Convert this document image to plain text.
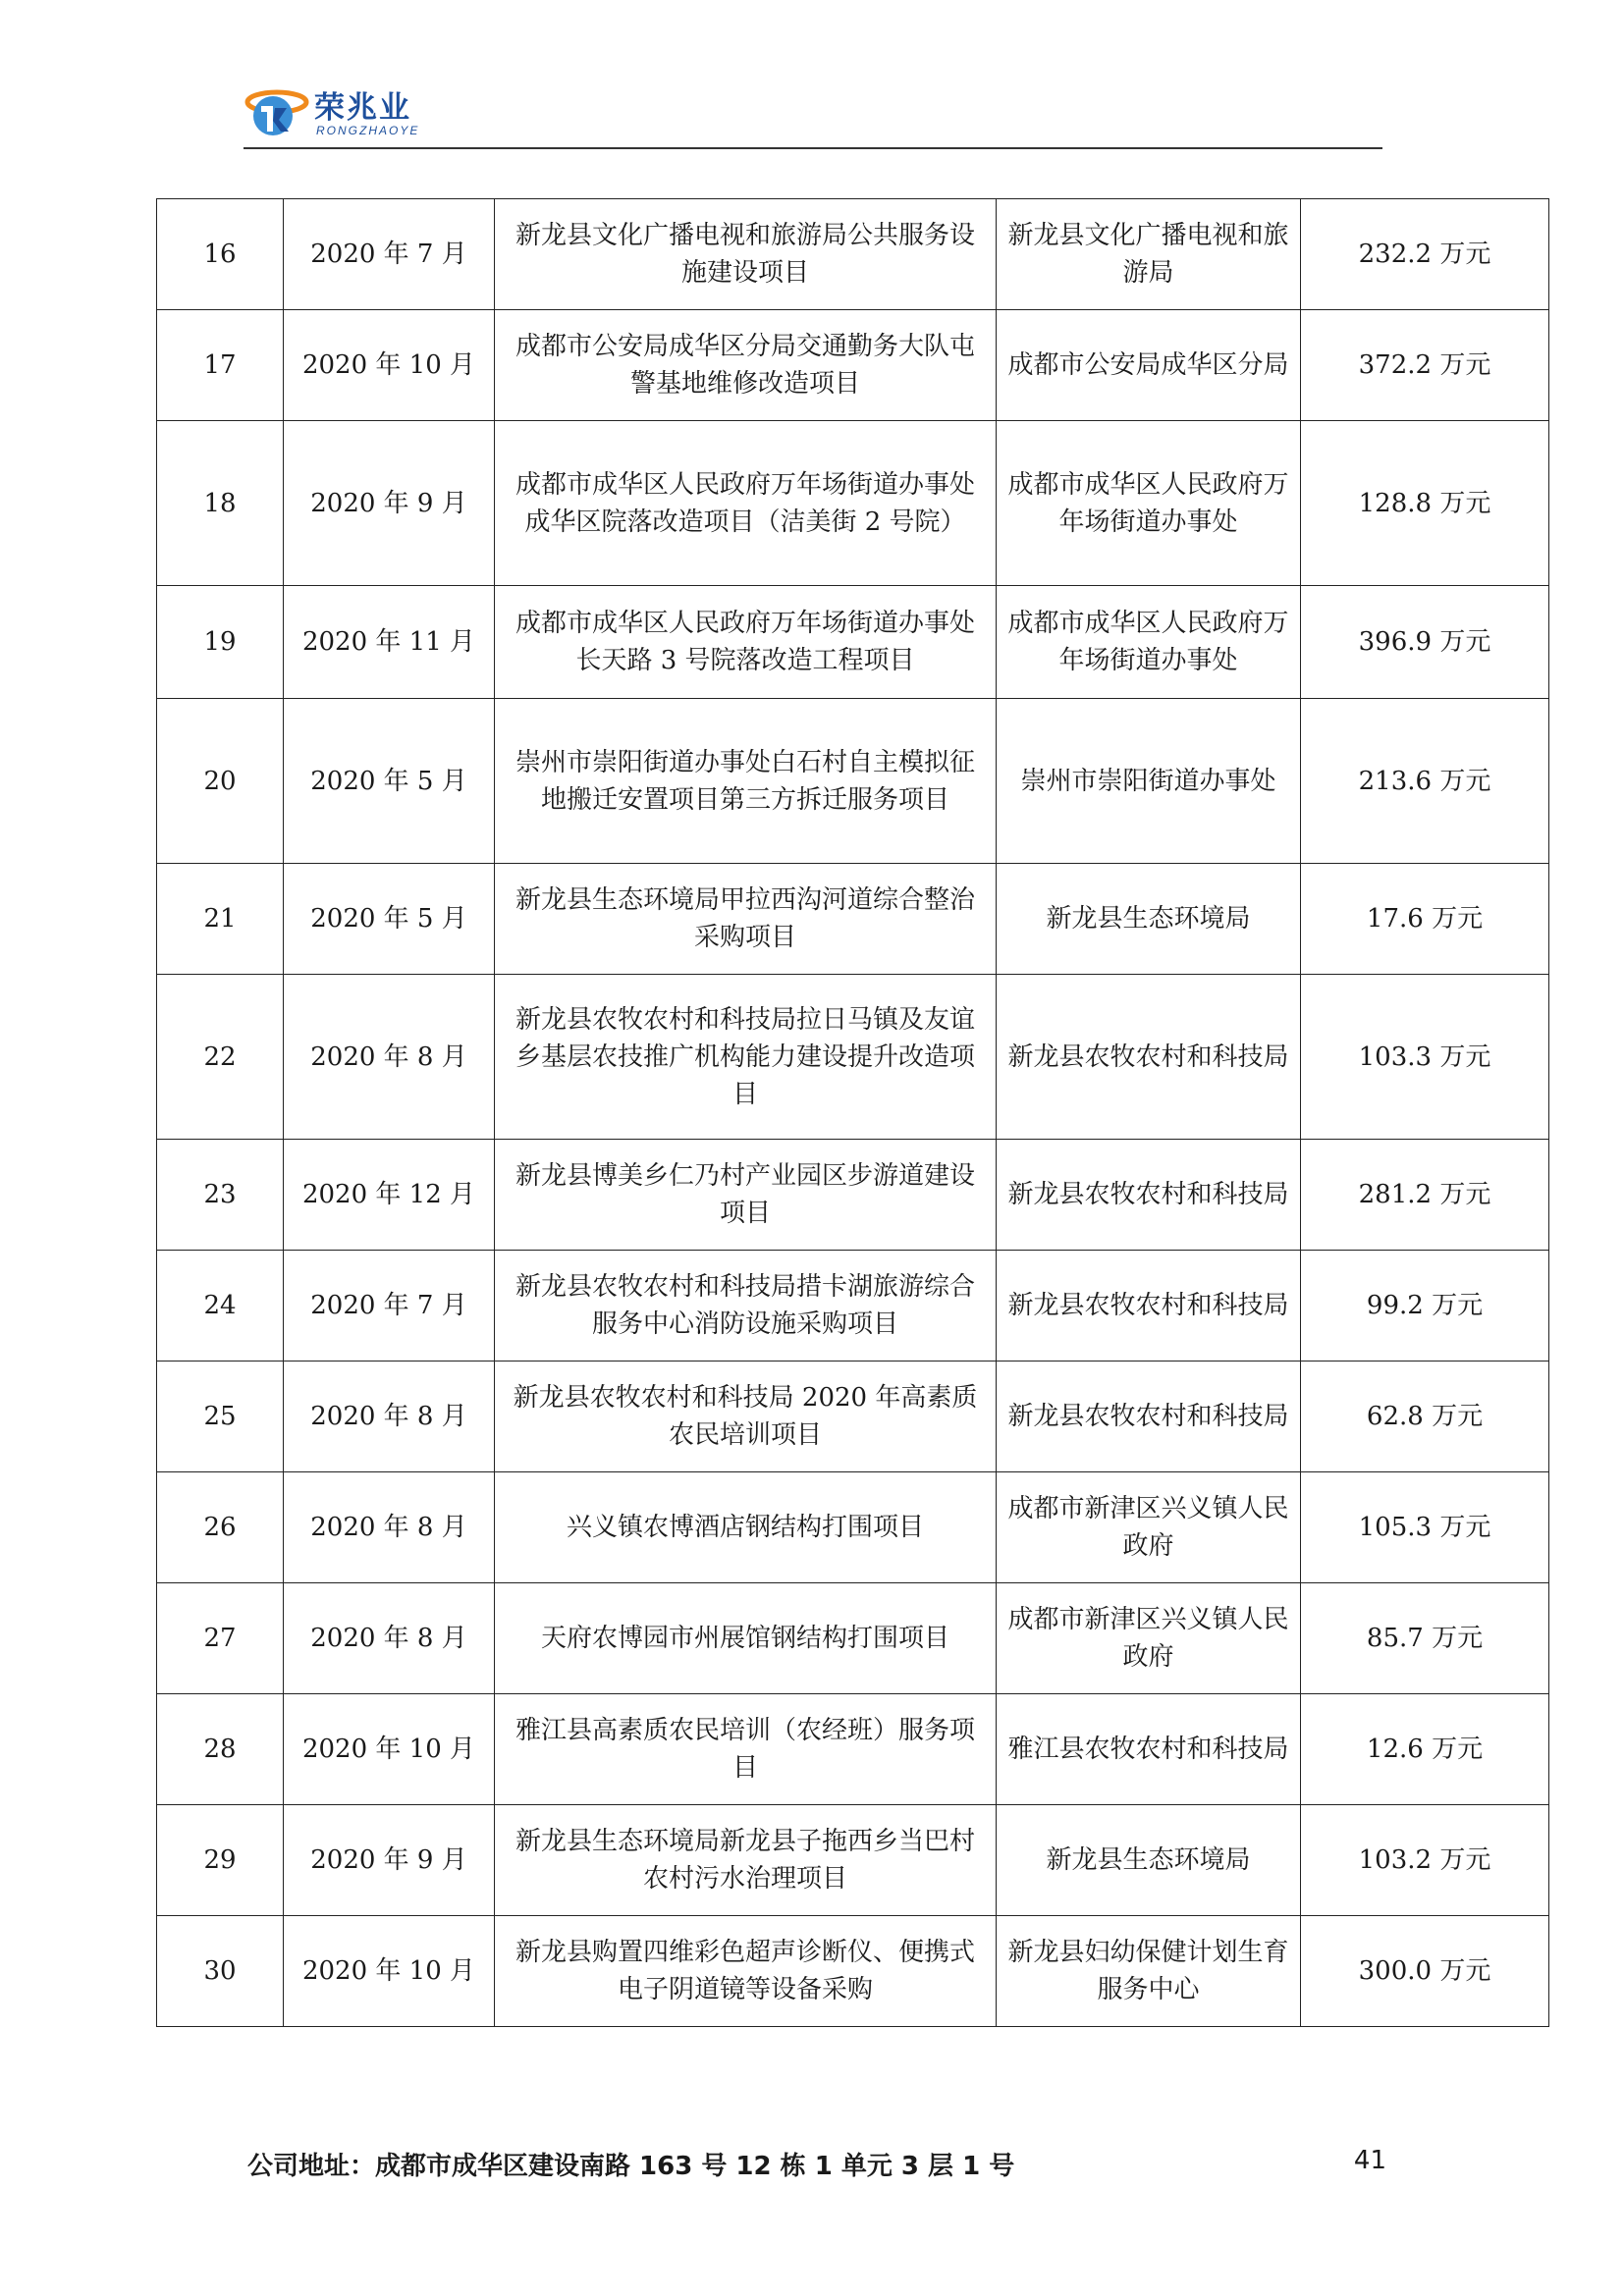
荣兆业
RONGZHAOYE
16	2020 年 7 月	新龙县文化广播电视和旅游局公共服务设施建设项目	新龙县文化广播电视和旅游局	232.2 万元
17	2020 年 10 月	成都市公安局成华区分局交通勤务大队屯警基地维修改造项目	成都市公安局成华区分局	372.2 万元
18	2020 年 9 月	成都市成华区人民政府万年场街道办事处成华区院落改造项目（洁美街 2 号院）	成都市成华区人民政府万年场街道办事处	128.8 万元
19	2020 年 11 月	成都市成华区人民政府万年场街道办事处长天路 3 号院落改造工程项目	成都市成华区人民政府万年场街道办事处	396.9 万元
20	2020 年 5 月	崇州市崇阳街道办事处白石村自主模拟征地搬迁安置项目第三方拆迁服务项目	崇州市崇阳街道办事处	213.6 万元
21	2020 年 5 月	新龙县生态环境局甲拉西沟河道综合整治采购项目	新龙县生态环境局	17.6 万元
22	2020 年 8 月	新龙县农牧农村和科技局拉日马镇及友谊乡基层农技推广机构能力建设提升改造项目	新龙县农牧农村和科技局	103.3 万元
23	2020 年 12 月	新龙县博美乡仁乃村产业园区步游道建设项目	新龙县农牧农村和科技局	281.2 万元
24	2020 年 7 月	新龙县农牧农村和科技局措卡湖旅游综合服务中心消防设施采购项目	新龙县农牧农村和科技局	99.2 万元
25	2020 年 8 月	新龙县农牧农村和科技局 2020 年高素质农民培训项目	新龙县农牧农村和科技局	62.8 万元
26	2020 年 8 月	兴义镇农博酒店钢结构打围项目	成都市新津区兴义镇人民政府	105.3 万元
27	2020 年 8 月	天府农博园市州展馆钢结构打围项目	成都市新津区兴义镇人民政府	85.7 万元
28	2020 年 10 月	雅江县高素质农民培训（农经班）服务项目	雅江县农牧农村和科技局	12.6 万元
29	2020 年 9 月	新龙县生态环境局新龙县子拖西乡当巴村农村污水治理项目	新龙县生态环境局	103.2 万元
30	2020 年 10 月	新龙县购置四维彩色超声诊断仪、便携式电子阴道镜等设备采购	新龙县妇幼保健计划生育服务中心	300.0 万元
公司地址：成都市成华区建设南路 163 号 12 栋 1 单元 3 层 1 号	41
